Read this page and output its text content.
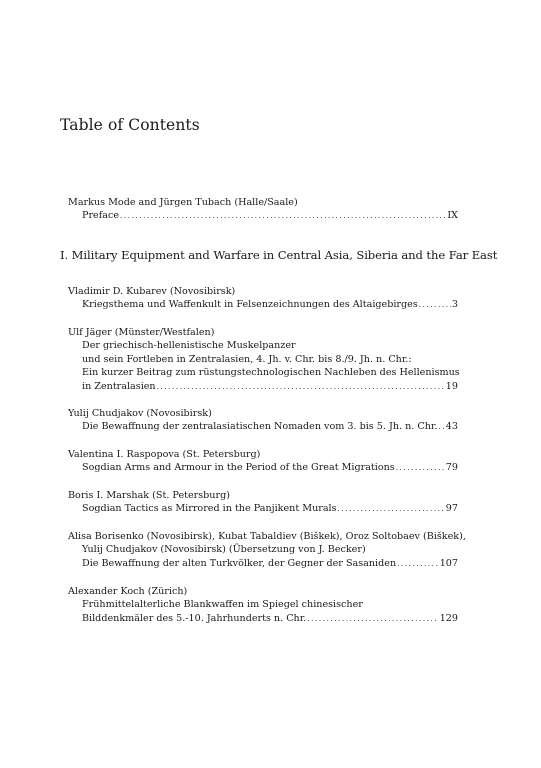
Table of Contents
Markus Mode and Jürgen Tubach (Halle/Saale)
Preface . . .	IX
I. Military Equipment and Warfare in Central Asia, Siberia and the Far East
Vladimir D. Kubarev (Novosibirsk)
Kriegsthema und Waffenkult in Felsenzeichnungen des Altaigebirges . . .	3
Ulf Jäger (Münster/Westfalen)
Der griechisch-hellenistische Muskelpanzer
und sein Fortleben in Zentralasien, 4. Jh. v. Chr. bis 8./9. Jh. n. Chr.:
Ein kurzer Beitrag zum rüstungstechnologischen Nachleben des Hellenismus
in Zentralasien . . .	19
Yulij Chudjakov (Novosibirsk)
Die Bewaffnung der zentralasiatischen Nomaden vom 3. bis 5. Jh. n. Chr. . . . 43
Valentina I. Raspopova (St. Petersburg)
Sogdian Arms and Armour in the Period of the Great Migrations . . .	79
Boris I. Marshak (St. Petersburg)
Sogdian Tactics as Mirrored in the Panjikent Murals . . .	97
Alisa Borisenko (Novosibirsk), Kubat Tabaldiev (Biškek), Oroz Soltobaev (Biškek),
Yulij Chudjakov (Novosibirsk) (Übersetzung von J. Becker)
Die Bewaffnung der alten Turkvölker, der Gegner der Sasaniden . . .	107
Alexander Koch (Zürich)
Frühmittelalterliche Blankwaffen im Spiegel chinesischer
Bilddenkmäler des 5.-10. Jahrhunderts n. Chr. . . .	129
